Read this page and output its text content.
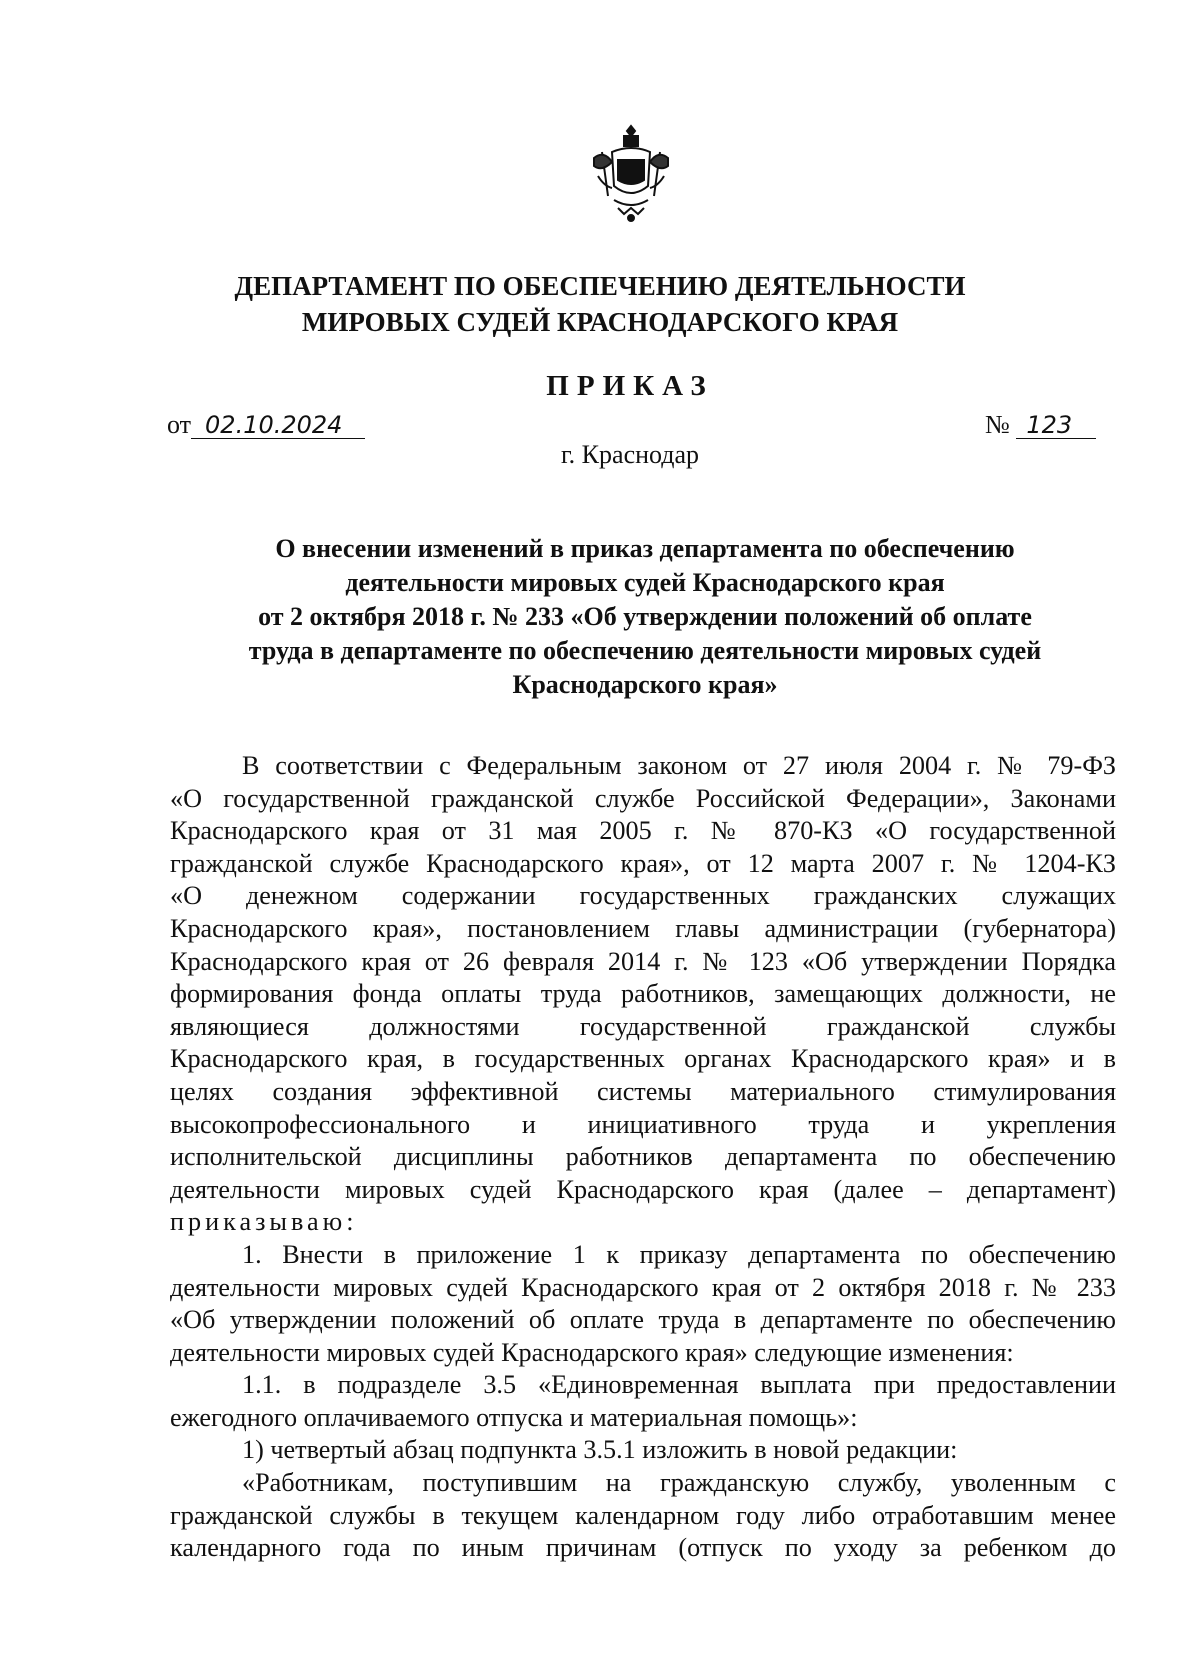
ДЕПАРТАМЕНТ ПО ОБЕСПЕЧЕНИЮ ДЕЯТЕЛЬНОСТИ
МИРОВЫХ СУДЕЙ КРАСНОДАРСКОГО КРАЯ
ПРИКАЗ
от 02.10.2024	№ 123
г. Краснодар
О внесении изменений в приказ департамента по обеспечению
деятельности мировых судей Краснодарского края
от 2 октября 2018 г. № 233 «Об утверждении положений об оплате
труда в департаменте по обеспечению деятельности мировых судей
Краснодарского края»
В соответствии с Федеральным законом от 27 июля 2004 г. № 79-ФЗ
«О государственной гражданской службе Российской Федерации», Законами
Краснодарского края от 31 мая 2005 г. № 870-КЗ «О государственной
гражданской службе Краснодарского края», от 12 марта 2007 г. № 1204-КЗ
«О денежном содержании государственных гражданских служащих
Краснодарского края», постановлением главы администрации (губернатора)
Краснодарского края от 26 февраля 2014 г. № 123 «Об утверждении Порядка
формирования фонда оплаты труда работников, замещающих должности, не
являющиеся должностями государственной гражданской службы
Краснодарского края, в государственных органах Краснодарского края» и в
целях создания эффективной системы материального стимулирования
высокопрофессионального и инициативного труда и укрепления
исполнительской дисциплины работников департамента по обеспечению
деятельности мировых судей Краснодарского края (далее – департамент)
приказываю:
1. Внести в приложение 1 к приказу департамента по обеспечению
деятельности мировых судей Краснодарского края от 2 октября 2018 г. № 233
«Об утверждении положений об оплате труда в департаменте по обеспечению
деятельности мировых судей Краснодарского края» следующие изменения:
1.1. в подразделе 3.5 «Единовременная выплата при предоставлении
ежегодного оплачиваемого отпуска и материальная помощь»:
1) четвертый абзац подпункта 3.5.1 изложить в новой редакции:
«Работникам, поступившим на гражданскую службу, уволенным с
гражданской службы в текущем календарном году либо отработавшим менее
календарного года по иным причинам (отпуск по уходу за ребенком до
